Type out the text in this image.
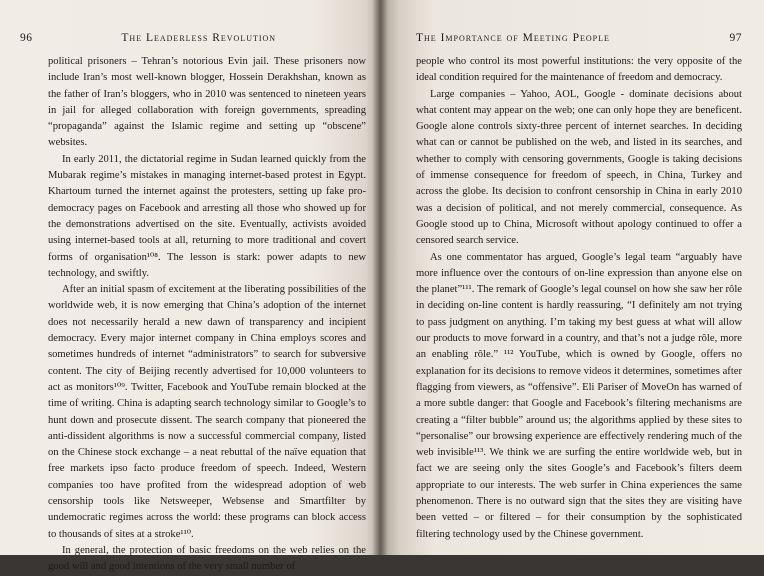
96	The Leaderless Revolution

political prisoners – Tehran’s notorious Evin jail. These prisoners now include Iran’s most well-known blogger, Hossein Derakhshan, known as the father of Iran’s bloggers, who in 2010 was sentenced to nineteen years in jail for alleged collaboration with foreign governments, spreading “propaganda” against the Islamic regime and setting up “obscene” websites.

In early 2011, the dictatorial regime in Sudan learned quickly from the Mubarak regime’s mistakes in managing internet-based protest in Egypt. Khartoum turned the internet against the protesters, setting up fake pro-democracy pages on Facebook and arresting all those who showed up for the demonstrations advertised on the site. Eventually, activists avoided using internet-based tools at all, returning to more traditional and covert forms of organisation¹⁰⁸. The lesson is stark: power adapts to new technology, and swiftly.

After an initial spasm of excitement at the liberating possibilities of the worldwide web, it is now emerging that China’s adoption of the internet does not necessarily herald a new dawn of transparency and incipient democracy. Every major internet company in China employs scores and sometimes hundreds of internet “administrators” to search for subversive content. The city of Beijing recently advertised for 10,000 volunteers to act as monitors¹⁰⁹. Twitter, Facebook and YouTube remain blocked at the time of writing. China is adapting search technology similar to Google’s to hunt down and prosecute dissent. The search company that pioneered the anti-dissident algorithms is now a successful commercial company, listed on the Chinese stock exchange – a neat rebuttal of the naïve equation that free markets ipso facto produce freedom of speech. Indeed, Western companies too have profited from the widespread adoption of web censorship tools like Netsweeper, Websense and Smartfilter by undemocratic regimes across the world: these programs can block access to thousands of sites at a stroke¹¹⁰.

In general, the protection of basic freedoms on the web relies on the good will and good intentions of the very small number of

The Importance of Meeting People	97

people who control its most powerful institutions: the very opposite of the ideal condition required for the maintenance of freedom and democracy.

Large companies – Yahoo, AOL, Google - dominate decisions about what content may appear on the web; one can only hope they are beneficent. Google alone controls sixty-three percent of internet searches. In deciding what can or cannot be published on the web, and listed in its searches, and whether to comply with censoring governments, Google is taking decisions of immense consequence for freedom of speech, in China, Turkey and across the globe. Its decision to confront censorship in China in early 2010 was a decision of political, and not merely commercial, consequence. As Google stood up to China, Microsoft without apology continued to offer a censored search service.

As one commentator has argued, Google’s legal team “arguably have more influence over the contours of on-line expression than anyone else on the planet”¹¹¹. The remark of Google’s legal counsel on how she saw her rôle in deciding on-line content is hardly reassuring, “I definitely am not trying to pass judgment on anything. I’m taking my best guess at what will allow our products to move forward in a country, and that’s not a judge rôle, more an enabling rôle.” ¹¹² YouTube, which is owned by Google, offers no explanation for its decisions to remove videos it determines, sometimes after flagging from viewers, as “offensive”. Eli Pariser of MoveOn has warned of a more subtle danger: that Google and Facebook’s filtering mechanisms are creating a “filter bubble” around us; the algorithms applied by these sites to “personalise” our browsing experience are effectively rendering much of the web invisible¹¹³. We think we are surfing the entire worldwide web, but in fact we are seeing only the sites Google’s and Facebook’s filters deem appropriate to our interests. The web surfer in China experiences the same phenomenon. There is no outward sign that the sites they are visiting have been vetted – or filtered – for their consumption by the sophisticated filtering technology used by the Chinese government.
